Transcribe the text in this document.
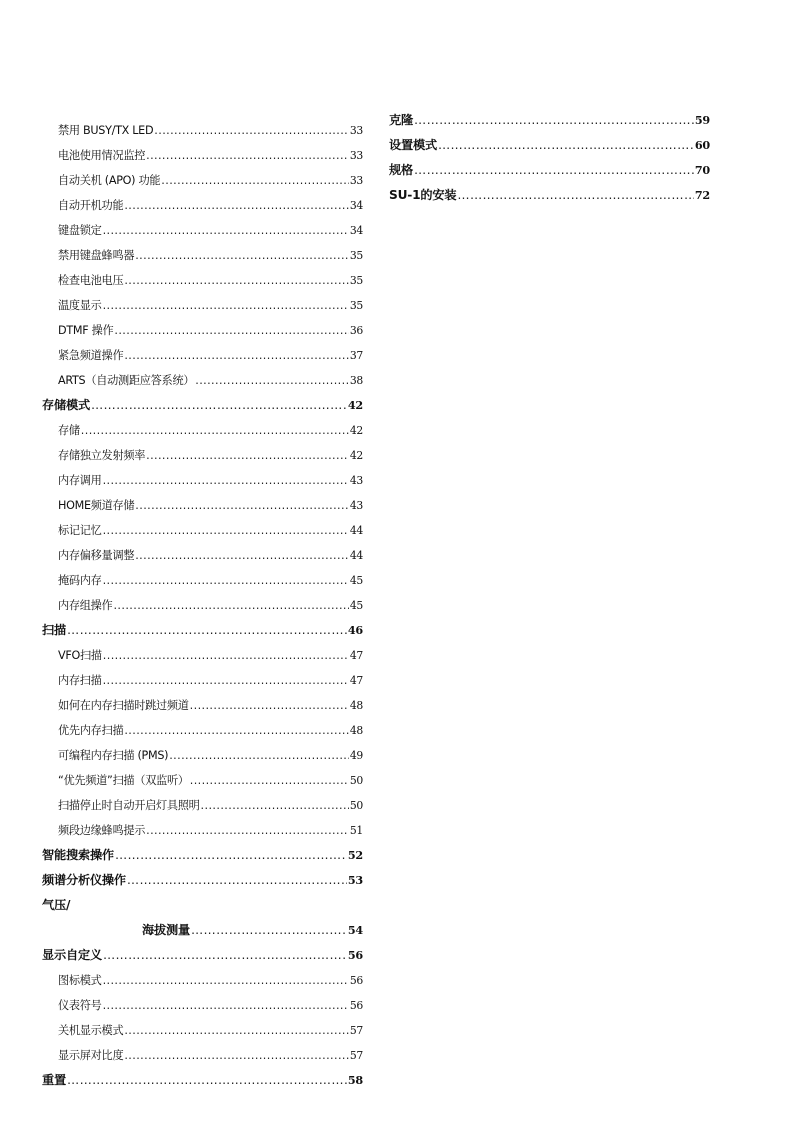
禁用 BUSY/TX LED .....	33
电池使用情况监控 .....	33
自动关机 (APO) 功能 .....	33
自动开机功能 .....	34
键盘锁定 .....	34
禁用键盘蜂鸣器 .....	35
检查电池电压 .....	35
温度显示 .....	35
DTMF 操作 .....	36
紧急频道操作 .....	37
ARTS（自动测距应答系统） .....	38
存储模式 …………………………………………………………………………………………………………………………………………………………………………………………	42
存储 .....	42
存储独立发射频率 .....	42
内存调用 .....	43
HOME频道存储 .....	43
标记记忆 .....	44
内存偏移量调整 .....	44
掩码内存 .....	45
内存组操作 .....	45
扫描 …………………………………………………………………………………………………………………………………………………………………………………………	46
VFO扫描 .....	47
内存扫描 .....	47
如何在内存扫描时跳过频道 .....	48
优先内存扫描 .....	48
可编程内存扫描 (PMS) .....	49
“优先频道”扫描（双监听） .....	50
扫描停止时自动开启灯具照明 .....	50
频段边缘蜂鸣提示 .....	51
智能搜索操作 …………………………………………………………………………………………………………………………………………………………………………………………	52
频谱分析仪操作 …………………………………………………………………………………………………………………………………………………………………………………………	53
气压/
海拔测量 …………………………………………………………………………………………………………………………………………………………………………………………	54
显示自定义 …………………………………………………………………………………………………………………………………………………………………………………………	56
图标模式 .....	56
仪表符号 .....	56
关机显示模式 .....	57
显示屏对比度 .....	57
重置 …………………………………………………………………………………………………………………………………………………………………………………………	58
克隆 …………………………………………………………………………………………………………………………………………………………………………………………	59
设置模式 …………………………………………………………………………………………………………………………………………………………………………………………	60
规格 …………………………………………………………………………………………………………………………………………………………………………………………	70
SU-1的安装 …………………………………………………………………………………………………………………………………………………………………………………………	72
